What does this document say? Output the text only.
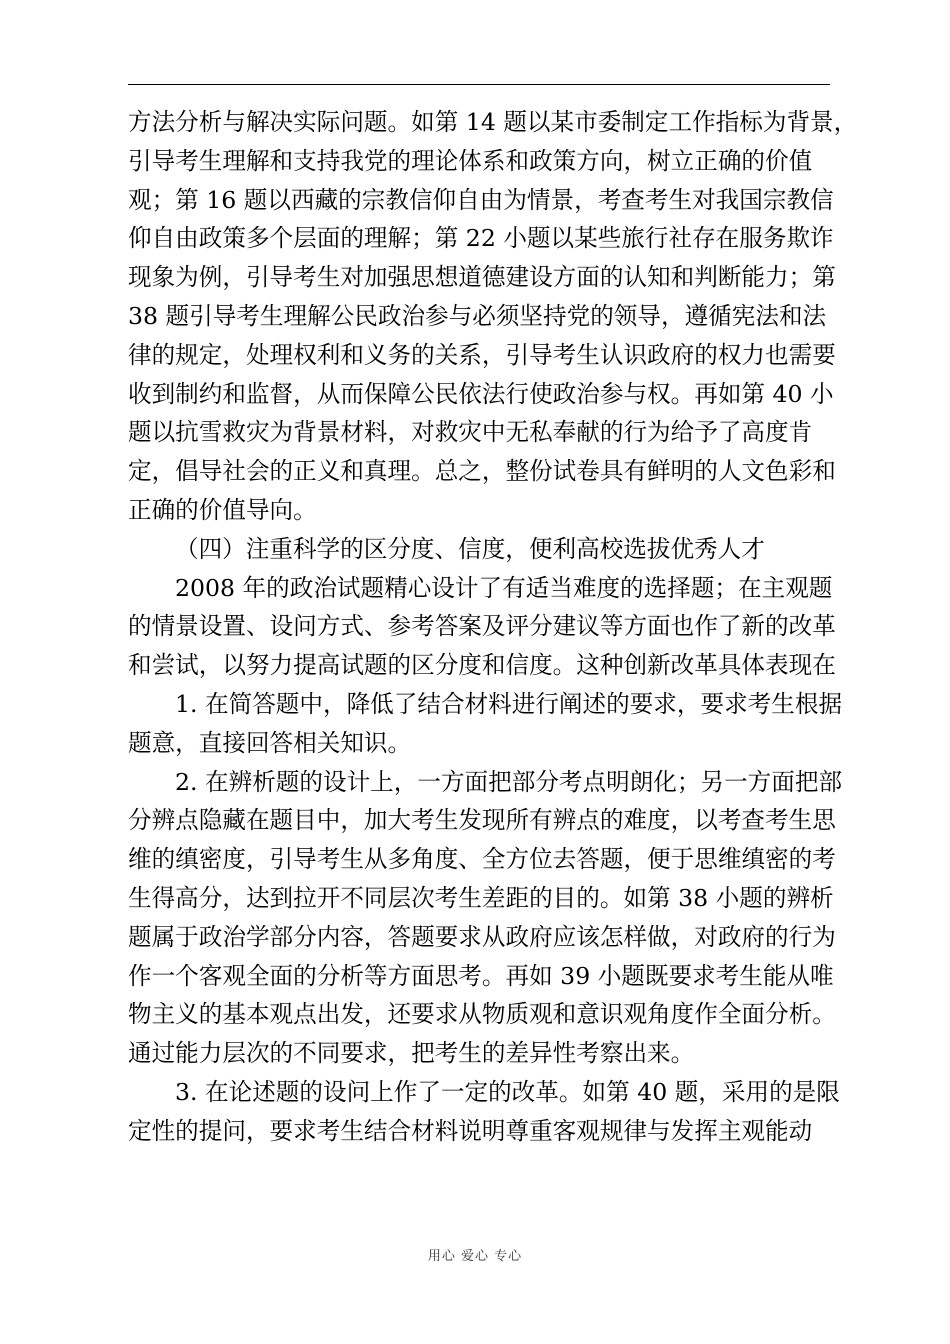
方法分析与解决实际问题。如第 14 题以某市委制定工作指标为背景，
引导考生理解和支持我党的理论体系和政策方向，树立正确的价值
观；第 16 题以西藏的宗教信仰自由为情景，考查考生对我国宗教信
仰自由政策多个层面的理解；第 22 小题以某些旅行社存在服务欺诈
现象为例，引导考生对加强思想道德建设方面的认知和判断能力；第
38 题引导考生理解公民政治参与必须坚持党的领导，遵循宪法和法
律的规定，处理权利和义务的关系，引导考生认识政府的权力也需要
收到制约和监督，从而保障公民依法行使政治参与权。再如第 40 小
题以抗雪救灾为背景材料，对救灾中无私奉献的行为给予了高度肯
定，倡导社会的正义和真理。总之，整份试卷具有鲜明的人文色彩和
正确的价值导向。
（四）注重科学的区分度、信度，便利高校选拔优秀人才
2008 年的政治试题精心设计了有适当难度的选择题；在主观题
的情景设置、设问方式、参考答案及评分建议等方面也作了新的改革
和尝试，以努力提高试题的区分度和信度。这种创新改革具体表现在
1. 在简答题中，降低了结合材料进行阐述的要求，要求考生根据
题意，直接回答相关知识。
2. 在辨析题的设计上，一方面把部分考点明朗化；另一方面把部
分辨点隐藏在题目中，加大考生发现所有辨点的难度，以考查考生思
维的缜密度，引导考生从多角度、全方位去答题，便于思维缜密的考
生得高分，达到拉开不同层次考生差距的目的。如第 38 小题的辨析
题属于政治学部分内容，答题要求从政府应该怎样做，对政府的行为
作一个客观全面的分析等方面思考。再如 39 小题既要求考生能从唯
物主义的基本观点出发，还要求从物质观和意识观角度作全面分析。
通过能力层次的不同要求，把考生的差异性考察出来。
3. 在论述题的设问上作了一定的改革。如第 40 题，采用的是限
定性的提问，要求考生结合材料说明尊重客观规律与发挥主观能动
用心 爱心 专心
